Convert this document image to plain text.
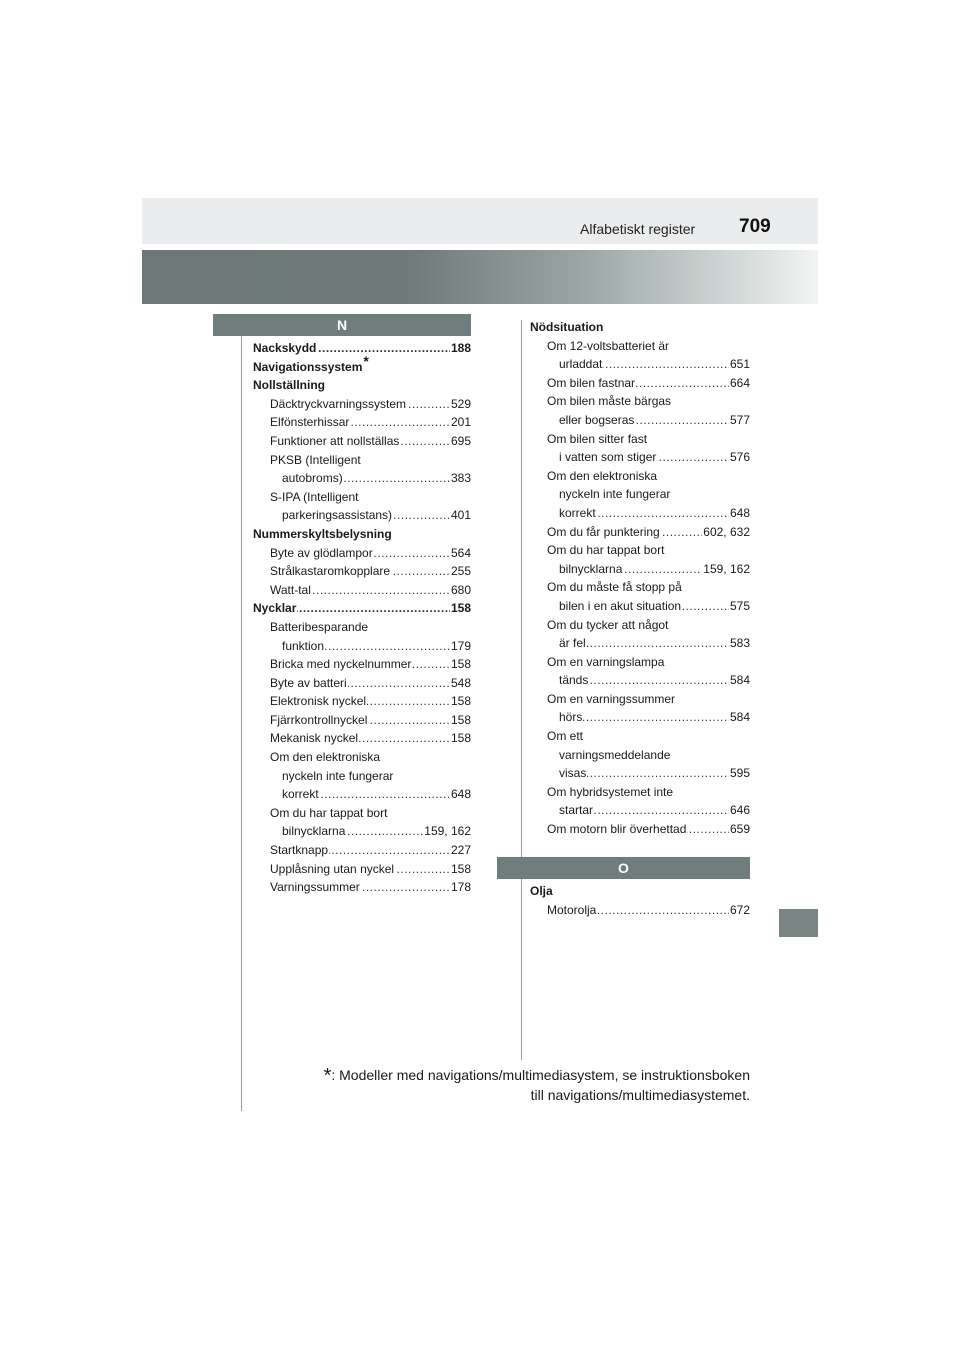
Alfabetiskt register 709
N
O
..... Nackskydd	188
Navigationssystem*
Nollställning
..... Däcktryckvarningssystem	529
..... Elfönsterhissar	201
..... Funktioner att nollställas	695
PKSB (Intelligent
..... autobroms)	383
S-IPA (Intelligent
..... parkeringsassistans)	401
Nummerskyltsbelysning
..... Byte av glödlampor	564
..... Strålkastaromkopplare	255
..... Watt-tal	680
..... Nycklar	158
Batteribesparande
..... funktion	179
..... Bricka med nyckelnummer	158
..... Byte av batteri	548
..... Elektronisk nyckel	158
..... Fjärrkontrollnyckel	158
..... Mekanisk nyckel	158
Om den elektroniska
nyckeln inte fungerar
..... korrekt	648
Om du har tappat bort
..... bilnycklarna	159, 162
..... Startknapp	227
..... Upplåsning utan nyckel	158
..... Varningssummer	178
Nödsituation
Om 12-voltsbatteriet är
..... urladdat	651
..... Om bilen fastnar	664
Om bilen måste bärgas
..... eller bogseras	577
Om bilen sitter fast
..... i vatten som stiger	576
Om den elektroniska
nyckeln inte fungerar
..... korrekt	648
..... Om du får punktering	602, 632
Om du har tappat bort
..... bilnycklarna	159, 162
Om du måste få stopp på
..... bilen i en akut situation	575
Om du tycker att något
..... är fel	583
Om en varningslampa
..... tänds	584
Om en varningssummer
..... hörs	584
Om ett
varningsmeddelande
..... visas	595
Om hybridsystemet inte
..... startar	646
..... Om motorn blir överhettad	659
Olja
..... Motorolja	672
*: Modeller med navigations/multimediasystem, se instruktionsboken
till navigations/multimediasystemet.
